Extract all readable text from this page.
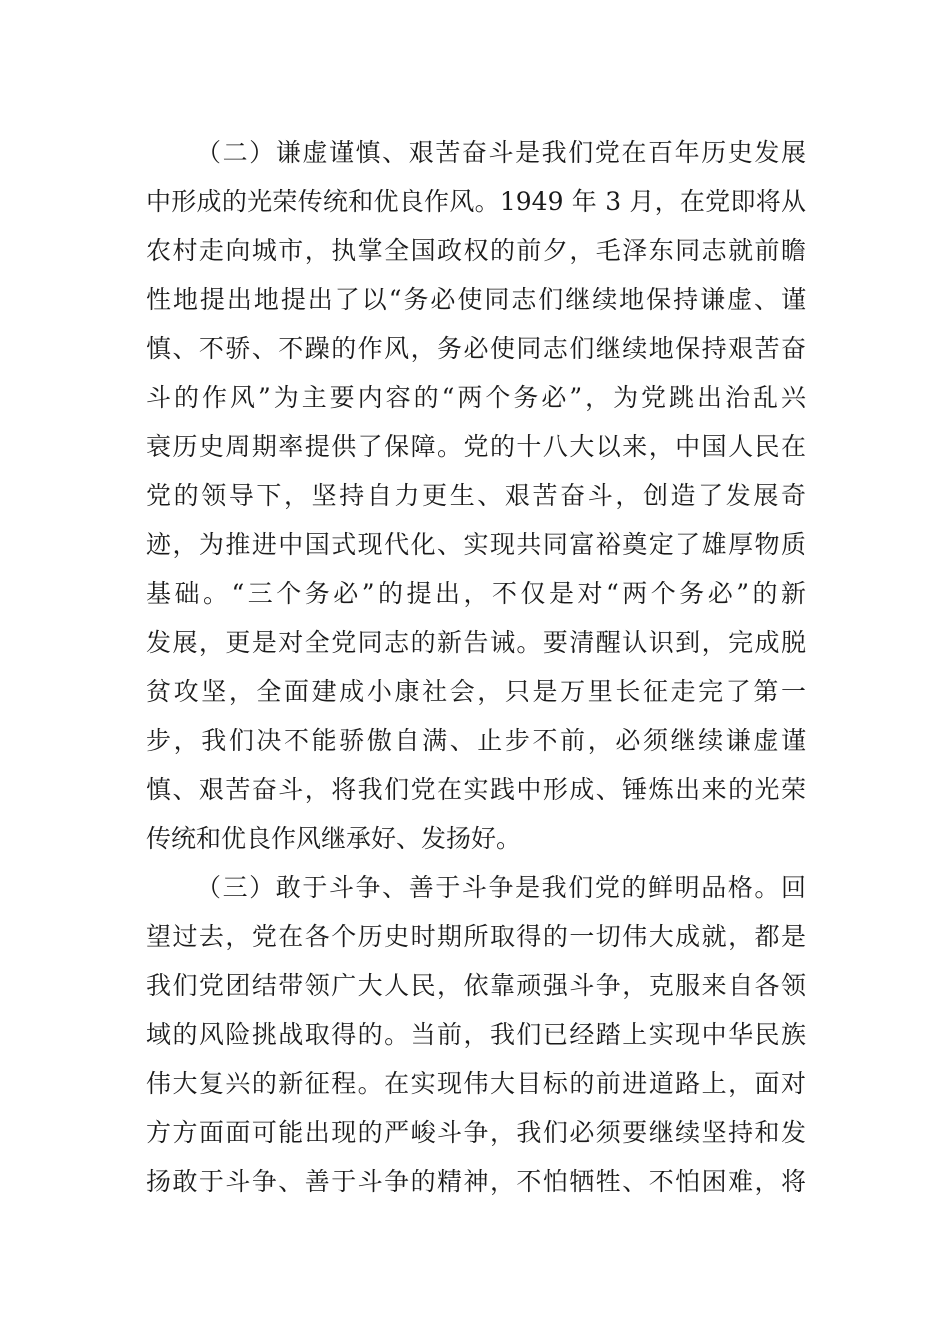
（二）谦虚谨慎、艰苦奋斗是我们党在百年历史发展
中形成的光荣传统和优良作风。1949 年 3 月，在党即将从
农村走向城市，执掌全国政权的前夕，毛泽东同志就前瞻
性地提出地提出了以“务必使同志们继续地保持谦虚、谨
慎、不骄、不躁的作风，务必使同志们继续地保持艰苦奋
斗的作风”为主要内容的“两个务必”，为党跳出治乱兴
衰历史周期率提供了保障。党的十八大以来，中国人民在
党的领导下，坚持自力更生、艰苦奋斗，创造了发展奇
迹，为推进中国式现代化、实现共同富裕奠定了雄厚物质
基础。“三个务必”的提出，不仅是对“两个务必”的新
发展，更是对全党同志的新告诫。要清醒认识到，完成脱
贫攻坚，全面建成小康社会，只是万里长征走完了第一
步，我们决不能骄傲自满、止步不前，必须继续谦虚谨
慎、艰苦奋斗，将我们党在实践中形成、锤炼出来的光荣
传统和优良作风继承好、发扬好。
（三）敢于斗争、善于斗争是我们党的鲜明品格。回
望过去，党在各个历史时期所取得的一切伟大成就，都是
我们党团结带领广大人民，依靠顽强斗争，克服来自各领
域的风险挑战取得的。当前，我们已经踏上实现中华民族
伟大复兴的新征程。在实现伟大目标的前进道路上，面对
方方面面可能出现的严峻斗争，我们必须要继续坚持和发
扬敢于斗争、善于斗争的精神，不怕牺牲、不怕困难，将
